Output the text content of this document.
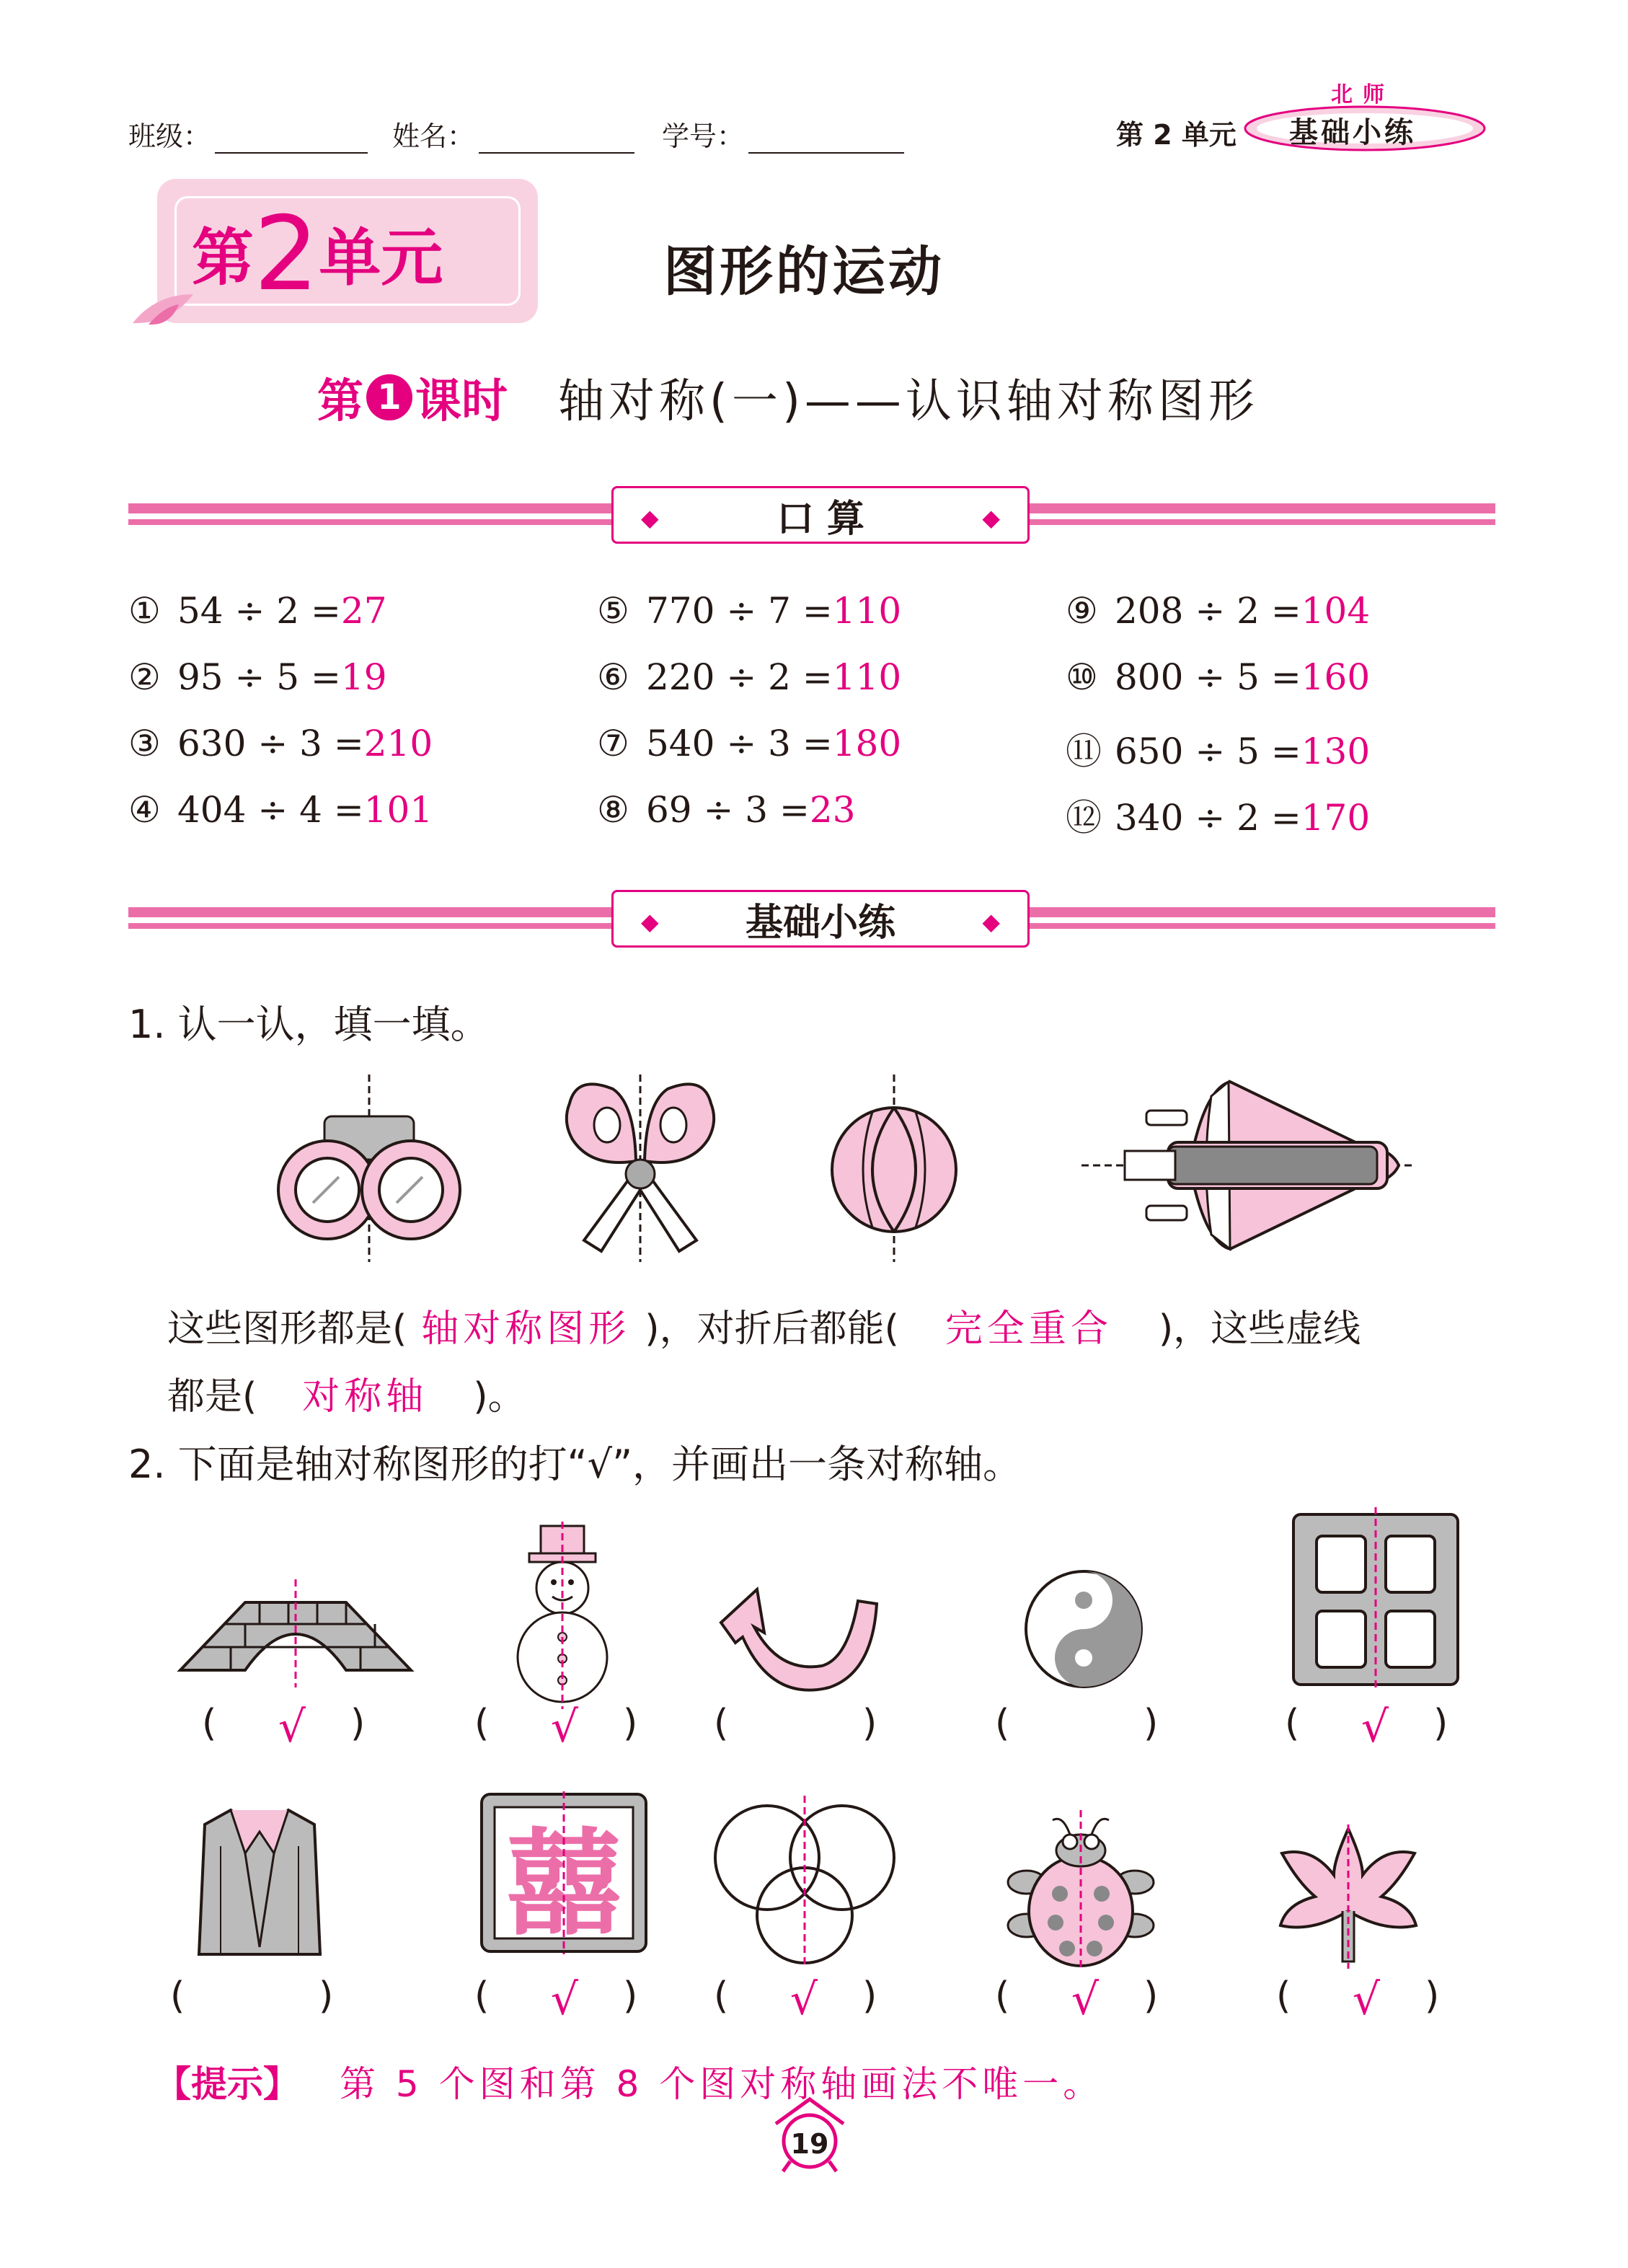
班级：	姓名：	学号：	第 2 单元
北师
基础小练
第2单元	图形的运动
第 1 课时 轴对称(一)——认识轴对称图形
◆	口 算	◆
① 54 ÷ 2 =27
② 95 ÷ 5 =19
③ 630 ÷ 3 =210
④ 404 ÷ 4 =101
⑤ 770 ÷ 7 =110
⑥ 220 ÷ 2 =110
⑦ 540 ÷ 3 =180
⑧ 69 ÷ 3 =23
⑨ 208 ÷ 2 =104
⑩ 800 ÷ 5 =160
⑪ 650 ÷ 5 =130
⑫ 340 ÷ 2 =170
◆ 基础小练	◆
1. 认一认，填一填。
这些图形都是( 轴对称图形 )，对折后都能( 完全重合 )，这些虚线
都是( 对称轴 )。
2. 下面是轴对称图形的打“√”，并画出一条对称轴。
(	√	)	(	√	)	(	)	(	)	(	√	)
囍
(	)	(	√	)	(	√	)	(	√	)	(	√	)
【提示】 第 5 个图和第 8 个图对称轴画法不唯一。
19
